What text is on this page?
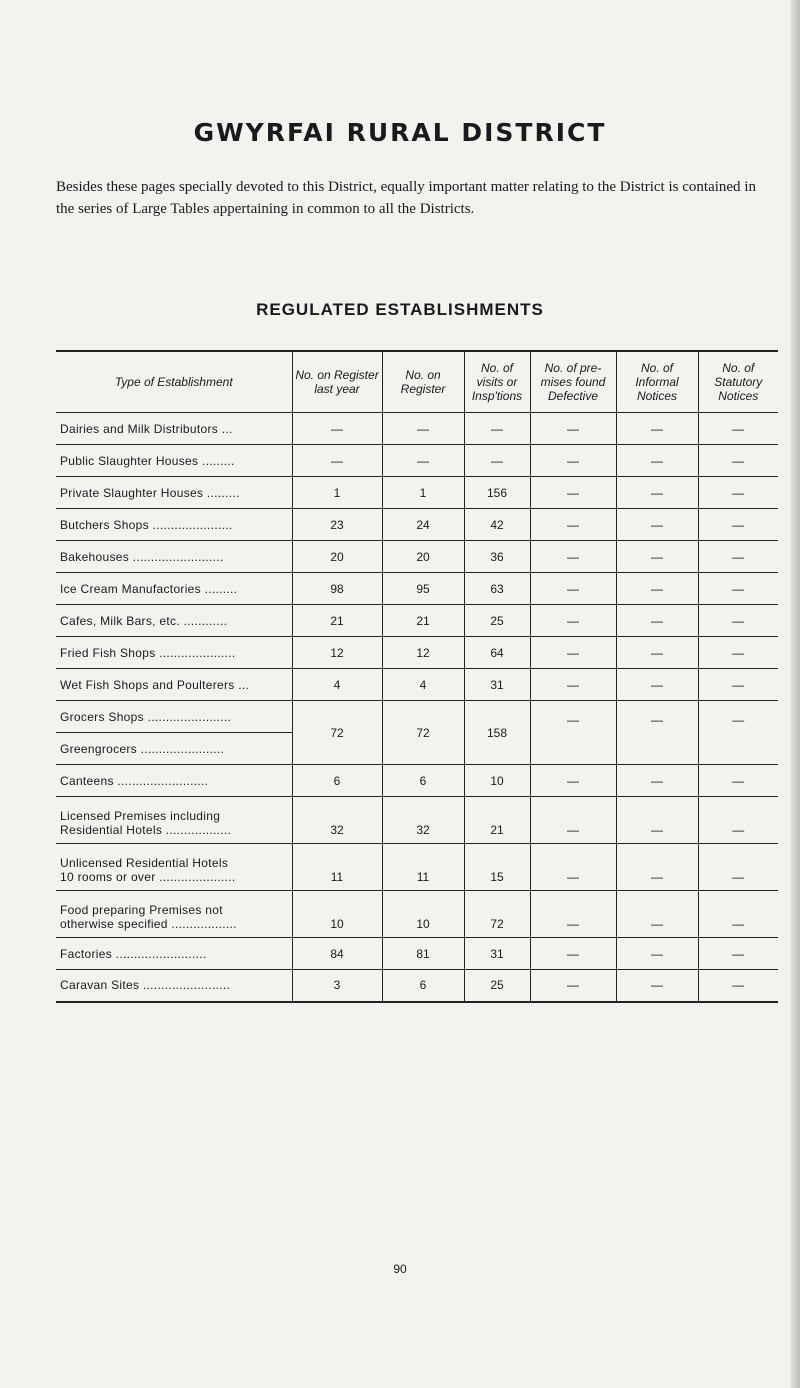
GWYRFAI RURAL DISTRICT

Besides these pages specially devoted to this District, equally important matter relating to the District is contained in the series of Large Tables appertaining in common to all the Districts.

REGULATED ESTABLISHMENTS
Type of Establishment	No. on Register last year	No. on Register	No. of visits or Insp'tions	No. of pre-mises found Defective	No. of Informal Notices	No. of Statutory Notices

Dairies and Milk Distributors ...	—	—	—	—	—	—

Public Slaughter Houses .........	—	—	—	—	—	—

Private Slaughter Houses .........	1	1	156	—	—	—

Butchers Shops ......................	23	24	42	—	—	—

Bakehouses .........................	20	20	36	—	—	—

Ice Cream Manufactories .........	98	95	63	—	—	—

Cafes, Milk Bars, etc. ............	21	21	25	—	—	—

Fried Fish Shops .....................	12	12	64	—	—	—

Wet Fish Shops and Poulterers ...	4	4	31	—	—	—

Grocers Shops .......................	72	72	158	—	—	—

Greengrocers .......................						

Canteens .........................	6	6	10	—	—	—

Licensed Premises including
Residential Hotels ..................	32	32	21	—	—	—

Unlicensed Residential Hotels
10 rooms or over .....................	11	11	15	—	—	—

Food preparing Premises not
otherwise specified ..................	10	10	72	—	—	—

Factories .........................	84	81	31	—	—	—

Caravan Sites ........................	3	6	25	—	—	—
90
